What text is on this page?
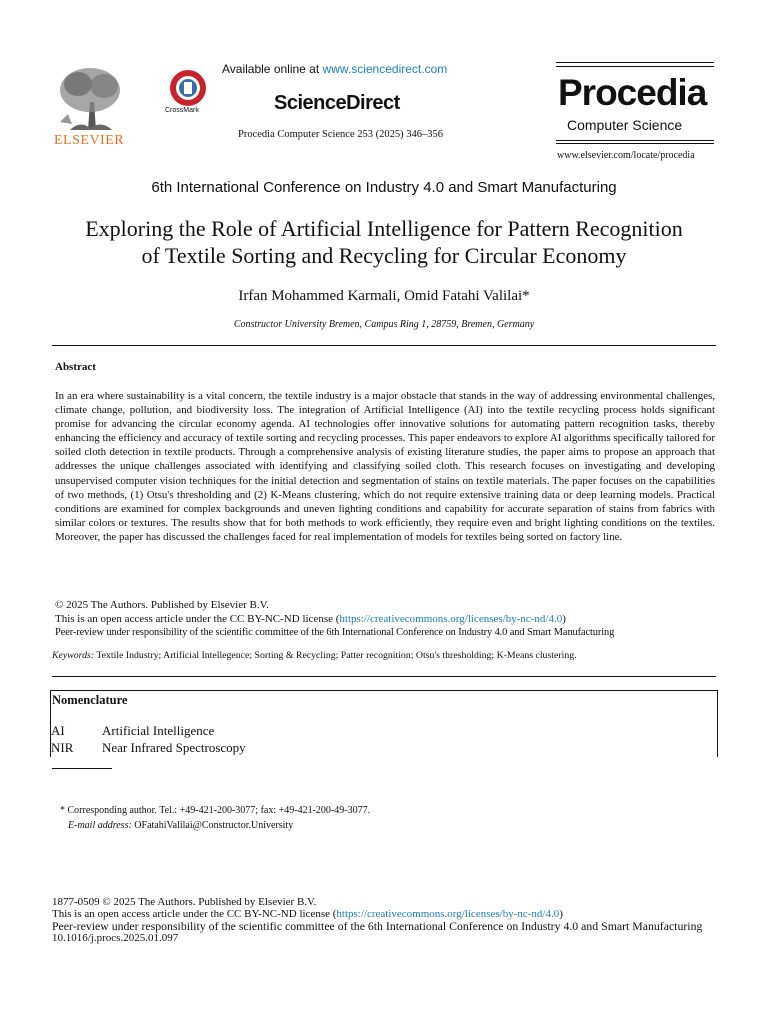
ELSEVIER
CrossMark
Available online at www.sciencedirect.com
ScienceDirect
Procedia Computer Science 253 (2025) 346–356
Procedia
Computer Science
www.elsevier.com/locate/procedia
6th International Conference on Industry 4.0 and Smart Manufacturing
Exploring the Role of Artificial Intelligence for Pattern Recognition
of Textile Sorting and Recycling for Circular Economy
Irfan Mohammed Karmali, Omid Fatahi Valilai*
Constructor University Bremen, Campus Ring 1, 28759, Bremen, Germany
Abstract
In an era where sustainability is a vital concern, the textile industry is a major obstacle that stands in the way of addressing environmental challenges, climate change, pollution, and biodiversity loss. The integration of Artificial Intelligence (AI) into the textile recycling process holds significant promise for advancing the circular economy agenda. AI technologies offer innovative solutions for automating pattern recognition tasks, thereby enhancing the efficiency and accuracy of textile sorting and recycling processes. This paper endeavors to explore AI algorithms specifically tailored for soiled cloth detection in textile products. Through a comprehensive analysis of existing literature studies, the paper aims to propose an approach that addresses the unique challenges associated with identifying and classifying soiled cloth. This research focuses on investigating and developing unsupervised computer vision techniques for the initial detection and segmentation of stains on textile materials. The paper focuses on the capabilities of two methods, (1) Otsu's thresholding and (2) K-Means clustering, which do not require extensive training data or deep learning models. Practical conditions are examined for complex backgrounds and uneven lighting conditions and capability for accurate separation of stains from fabrics with similar colors or textures. The results show that for both methods to work efficiently, they require even and bright lighting conditions on the textiles. Moreover, the paper has discussed the challenges faced for real implementation of models for textiles being sorted on factory line.
© 2025 The Authors. Published by Elsevier B.V.
This is an open access article under the CC BY-NC-ND license (https://creativecommons.org/licenses/by-nc-nd/4.0)
Peer-review under responsibility of the scientific committee of the 6th International Conference on Industry 4.0 and Smart Manufacturing
Keywords: Textile Industry; Artificial Intellegence; Sorting & Recycling; Patter recognition; Otsu's thresholding; K-Means clustering.
Nomenclature
AI	Artificial Intelligence
NIR Near Infrared Spectroscopy
* Corresponding author. Tel.: +49-421-200-3077; fax: +49-421-200-49-3077.
E-mail address: OFatahiValilai@Constructor.University
1877-0509 © 2025 The Authors. Published by Elsevier B.V.
This is an open access article under the CC BY-NC-ND license (https://creativecommons.org/licenses/by-nc-nd/4.0)
Peer-review under responsibility of the scientific committee of the 6th International Conference on Industry 4.0 and Smart Manufacturing
10.1016/j.procs.2025.01.097
